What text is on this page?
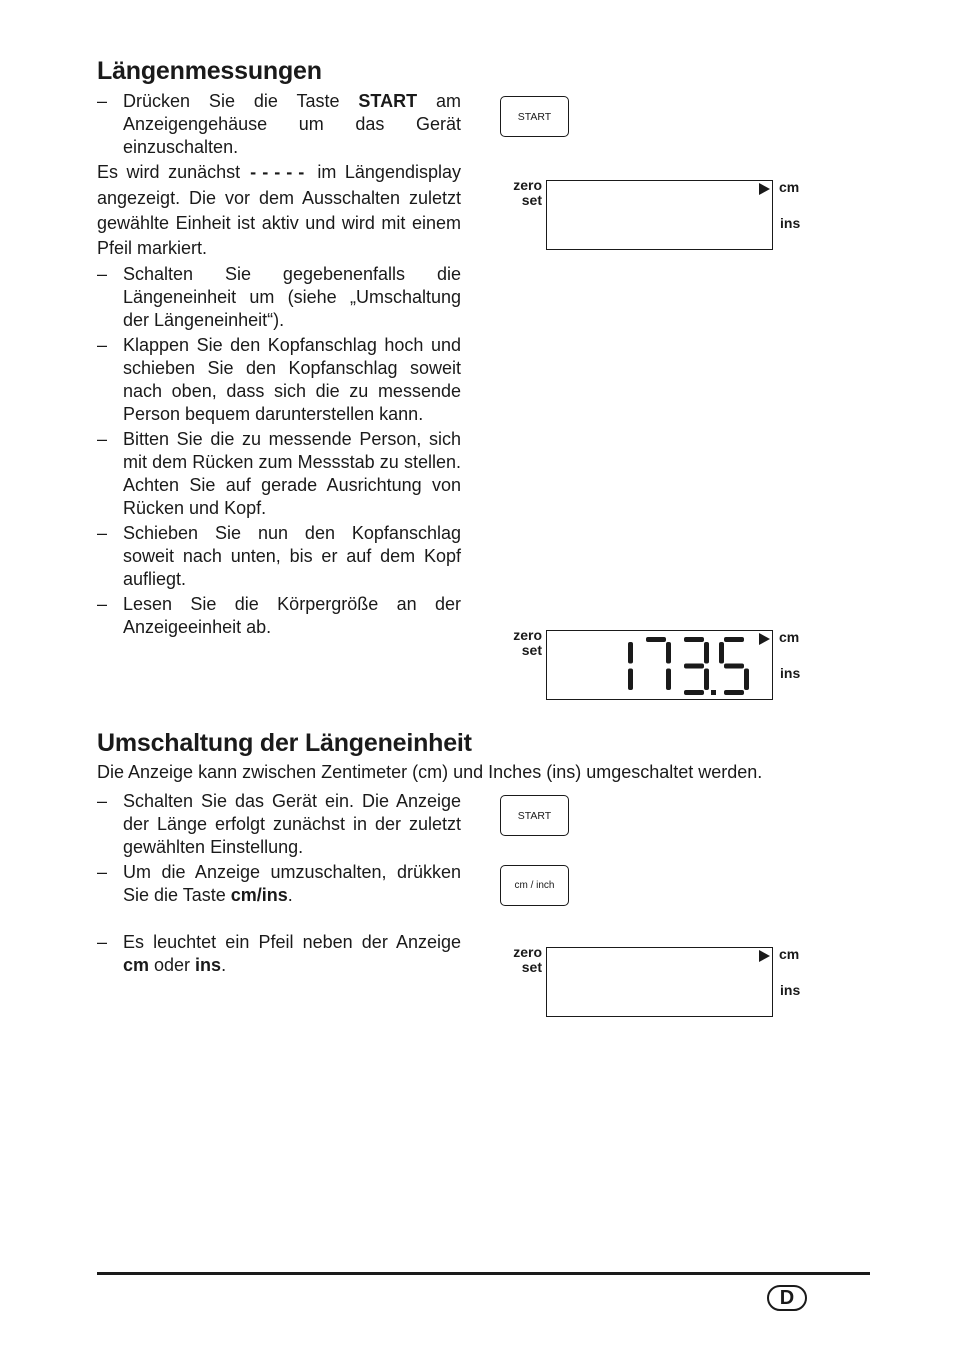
Längenmessungen

– Drücken Sie die Taste START am Anzeigengehäuse um das Gerät einzuschalten.

Es wird zunächst ----- im Längendisplay angezeigt. Die vor dem Ausschalten zuletzt gewählte Einheit ist aktiv und wird mit einem Pfeil markiert.

– Schalten Sie gegebenenfalls die Längeneinheit um (siehe „Umschaltung der Längeneinheit“).

– Klappen Sie den Kopfanschlag hoch und schieben Sie den Kopfanschlag soweit nach oben, dass sich die zu messende Person bequem darunterstellen kann.

– Bitten Sie die zu messende Person, sich mit dem Rücken zum Messstab zu stellen. Achten Sie auf gerade Ausrichtung von Rücken und Kopf.

– Schieben Sie nun den Kopfanschlag soweit nach unten, bis er auf dem Kopf aufliegt.

– Lesen Sie die Körpergröße an der Anzeigeeinheit ab.

START
zero
set
cm
ins
zero
set
cm
ins
Umschaltung der Längeneinheit
Die Anzeige kann zwischen Zentimeter (cm) und Inches (ins) umgeschaltet werden.

– Schalten Sie das Gerät ein. Die Anzeige der Länge erfolgt zunächst in der zuletzt gewählten Einstellung.

– Um die Anzeige umzuschalten, drükken Sie die Taste cm/ins.

– Es leuchtet ein Pfeil neben der Anzeige cm oder ins.

START
cm / inch
zero
set
cm
ins
D
